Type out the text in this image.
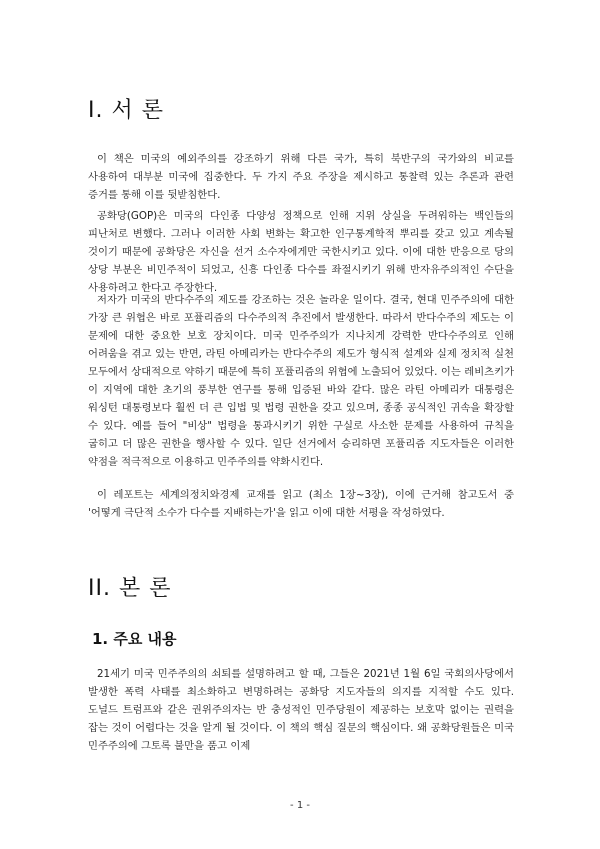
I. 서 론

이 책은 미국의 예외주의를 강조하기 위해 다른 국가, 특히 북반구의 국가와의 비교를 사용하여 대부분 미국에 집중한다. 두 가지 주요 주장을 제시하고 통찰력 있는 추론과 관련 증거를 통해 이를 뒷받침한다.

공화당(GOP)은 미국의 다인종 다양성 정책으로 인해 지위 상실을 두려워하는 백인들의 피난처로 변했다. 그러나 이러한 사회 변화는 확고한 인구통계학적 뿌리를 갖고 있고 계속될 것이기 때문에 공화당은 자신을 선거 소수자에게만 국한시키고 있다. 이에 대한 반응으로 당의 상당 부분은 비민주적이 되었고, 신흥 다인종 다수를 좌절시키기 위해 반자유주의적인 수단을 사용하려고 한다고 주장한다.

저자가 미국의 반다수주의 제도를 강조하는 것은 놀라운 일이다. 결국, 현대 민주주의에 대한 가장 큰 위협은 바로 포퓰리즘의 다수주의적 추진에서 발생한다. 따라서 반다수주의 제도는 이 문제에 대한 중요한 보호 장치이다. 미국 민주주의가 지나치게 강력한 반다수주의로 인해 어려움을 겪고 있는 반면, 라틴 아메리카는 반다수주의 제도가 형식적 설계와 실제 정치적 실천 모두에서 상대적으로 약하기 때문에 특히 포퓰리즘의 위협에 노출되어 있었다. 이는 레비츠키가 이 지역에 대한 초기의 풍부한 연구를 통해 입증된 바와 같다. 많은 라틴 아메리카 대통령은 워싱턴 대통령보다 훨씬 더 큰 입법 및 법령 권한을 갖고 있으며, 종종 공식적인 귀속을 확장할 수 있다. 예를 들어 "비상" 법령을 통과시키기 위한 구실로 사소한 문제를 사용하여 규칙을 굽히고 더 많은 권한을 행사할 수 있다. 일단 선거에서 승리하면 포퓰리즘 지도자들은 이러한 약점을 적극적으로 이용하고 민주주의를 약화시킨다.

이 레포트는 세계의정치와경제 교재를 읽고 (최소 1장~3장), 이에 근거해 참고도서 중 '어떻게 극단적 소수가 다수를 지배하는가'을 읽고 이에 대한 서평을 작성하였다.

II. 본 론
1. 주요 내용

21세기 미국 민주주의의 쇠퇴를 설명하려고 할 때, 그들은 2021년 1월 6일 국회의사당에서 발생한 폭력 사태를 최소화하고 변명하려는 공화당 지도자들의 의지를 지적할 수도 있다. 도널드 트럼프와 같은 권위주의자는 반 충성적인 민주당원이 제공하는 보호막 없이는 권력을 잡는 것이 어렵다는 것을 알게 될 것이다. 이 책의 핵심 질문의 핵심이다. 왜 공화당원들은 미국 민주주의에 그토록 불만을 품고 이제

- 1 -
